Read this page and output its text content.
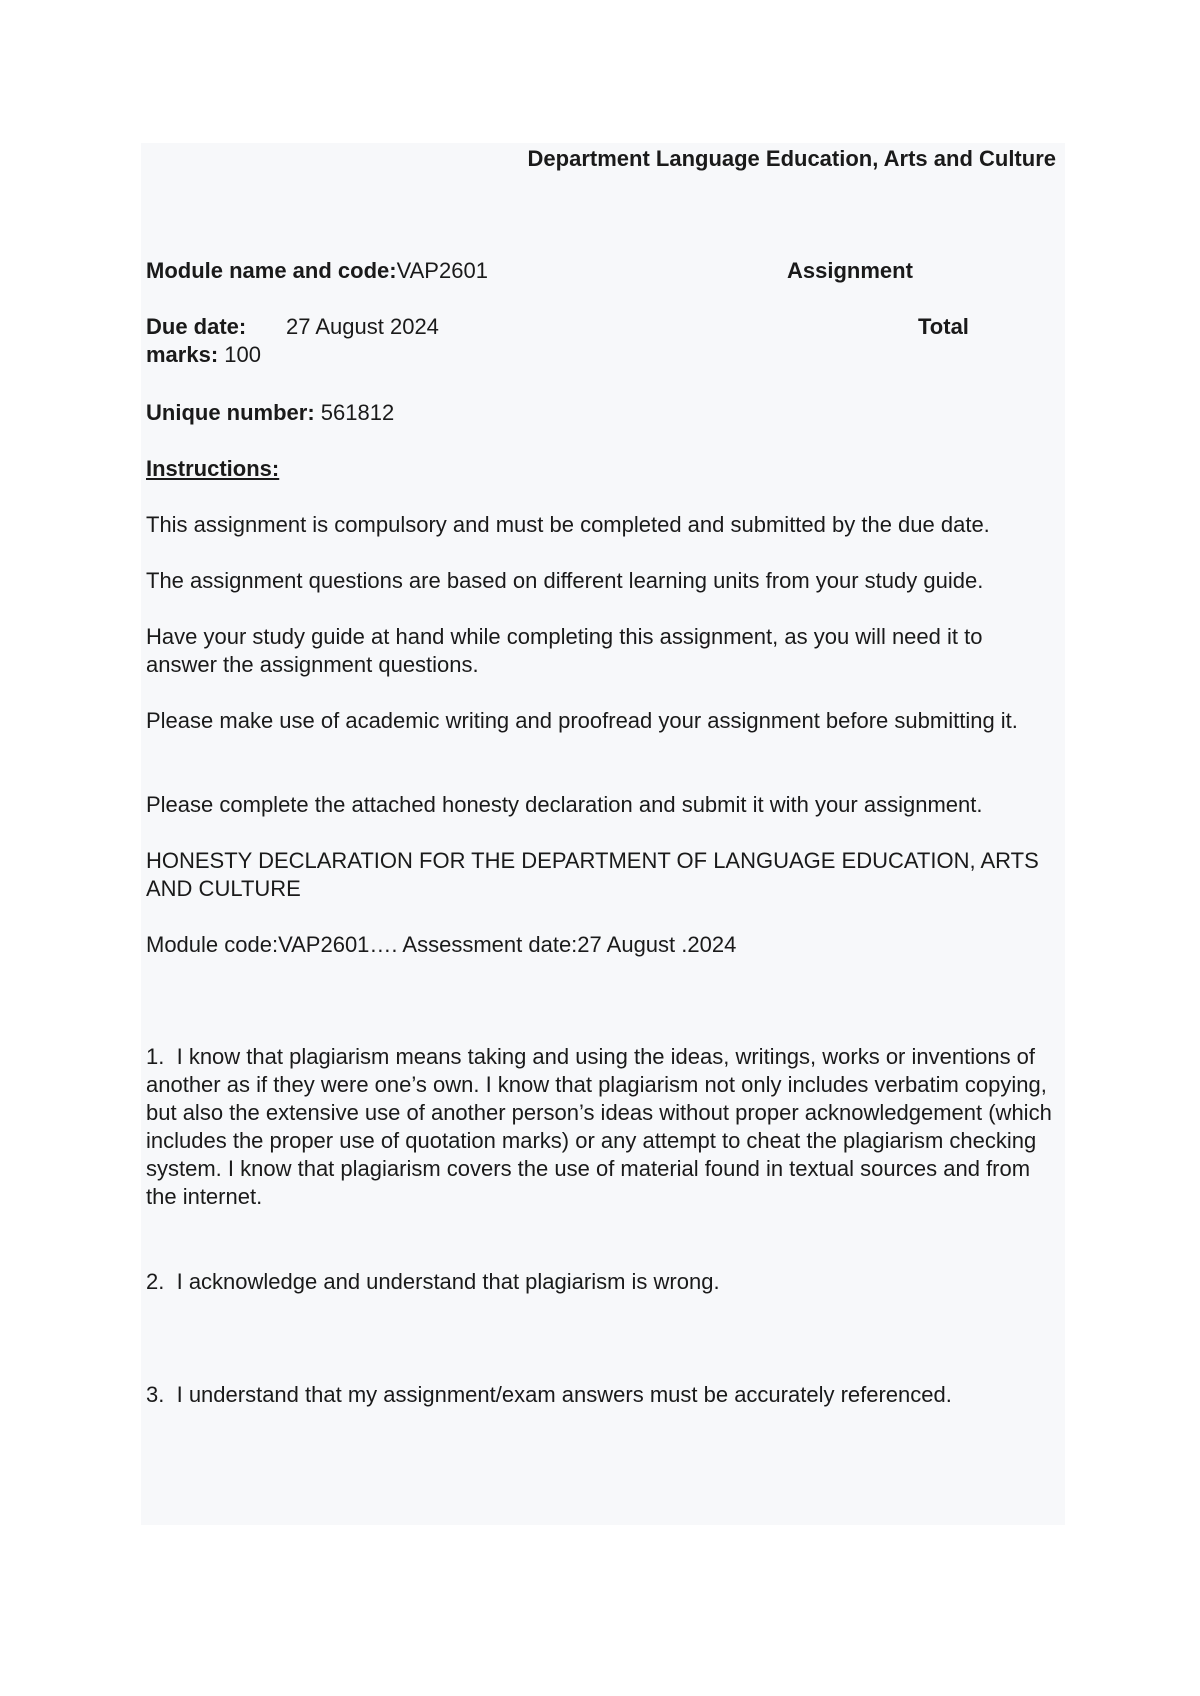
Department Language Education, Arts and Culture
Module name and code:VAP2601	Assignment
Due date: 27 August 2024	Total
marks: 100
Unique number: 561812
Instructions:
This assignment is compulsory and must be completed and submitted by the due date.
The assignment questions are based on different learning units from your study guide.
Have your study guide at hand while completing this assignment, as you will need it to answer the assignment questions.
Please make use of academic writing and proofread your assignment before submitting it.
Please complete the attached honesty declaration and submit it with your assignment.
HONESTY DECLARATION FOR THE DEPARTMENT OF LANGUAGE EDUCATION, ARTS AND CULTURE
Module code:VAP2601…. Assessment date:27 August .2024
1. I know that plagiarism means taking and using the ideas, writings, works or inventions of another as if they were one’s own. I know that plagiarism not only includes verbatim copying, but also the extensive use of another person’s ideas without proper acknowledgement (which includes the proper use of quotation marks) or any attempt to cheat the plagiarism checking system. I know that plagiarism covers the use of material found in textual sources and from the internet.
2. I acknowledge and understand that plagiarism is wrong.
3. I understand that my assignment/exam answers must be accurately referenced.
